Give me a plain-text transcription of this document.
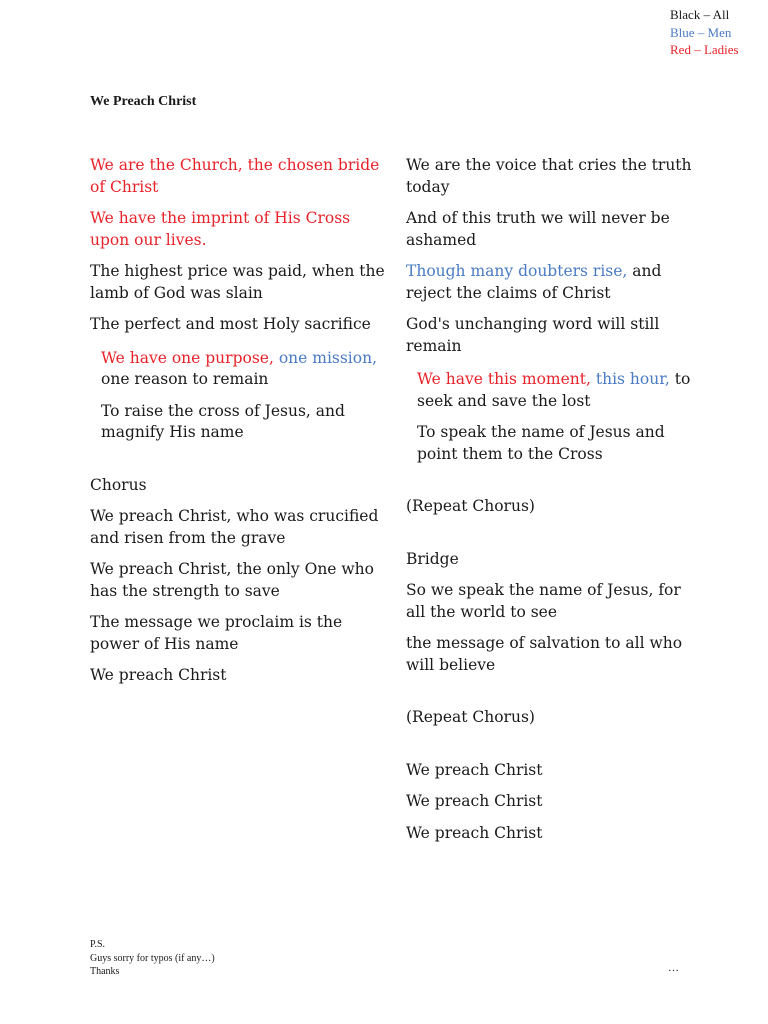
Black – All
Blue – Men
Red – Ladies
We Preach Christ

We are the Church, the chosen bride of Christ

We have the imprint of His Cross upon our lives.

The highest price was paid, when the lamb of God was slain

The perfect and most Holy sacrifice

We have one purpose, one mission, one reason to remain

To raise the cross of Jesus, and magnify His name

Chorus

We preach Christ, who was crucified and risen from the grave

We preach Christ, the only One who has the strength to save

The message we proclaim is the power of His name

We preach Christ

We are the voice that cries the truth today

And of this truth we will never be ashamed

Though many doubters rise, and reject the claims of Christ

God's unchanging word will still remain

We have this moment, this hour, to seek and save the lost

To speak the name of Jesus and point them to the Cross

(Repeat Chorus)

Bridge

So we speak the name of Jesus, for all the world to see

the message of salvation to all who will believe

(Repeat Chorus)

We preach Christ

We preach Christ

We preach Christ

P.S.
Guys sorry for typos (if any…)
Thanks	…
